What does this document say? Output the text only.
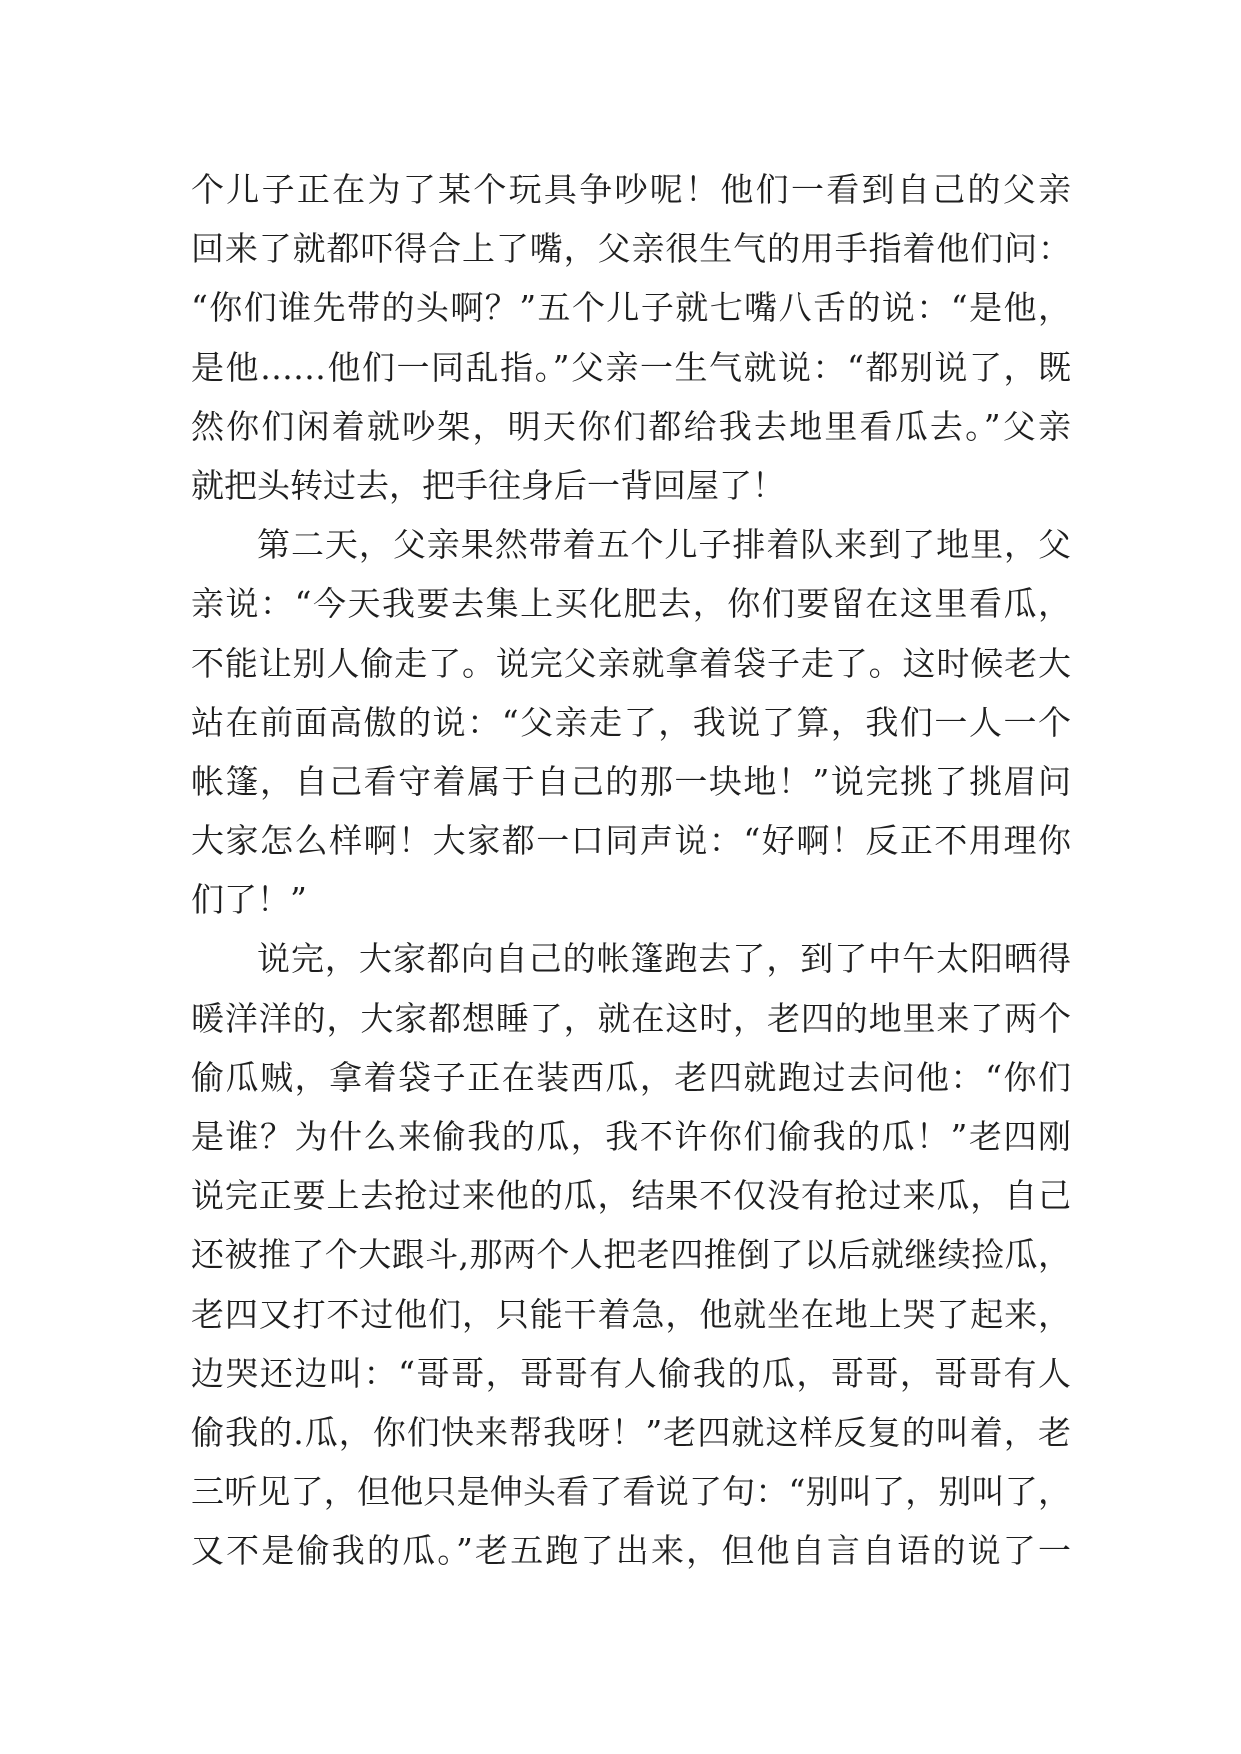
个儿子正在为了某个玩具争吵呢！他们一看到自己的父亲
回来了就都吓得合上了嘴，父亲很生气的用手指着他们问：
“你们谁先带的头啊？”五个儿子就七嘴八舌的说：“是他，
是他……他们一同乱指。”父亲一生气就说：“都别说了，既
然你们闲着就吵架，明天你们都给我去地里看瓜去。”父亲
就把头转过去，把手往身后一背回屋了！
第二天，父亲果然带着五个儿子排着队来到了地里，父
亲说：“今天我要去集上买化肥去，你们要留在这里看瓜，
不能让别人偷走了。说完父亲就拿着袋子走了。这时候老大
站在前面高傲的说：“父亲走了，我说了算，我们一人一个
帐篷，自己看守着属于自己的那一块地！”说完挑了挑眉问
大家怎么样啊！大家都一口同声说：“好啊！反正不用理你
们了！”
说完，大家都向自己的帐篷跑去了，到了中午太阳晒得
暖洋洋的，大家都想睡了，就在这时，老四的地里来了两个
偷瓜贼，拿着袋子正在装西瓜，老四就跑过去问他：“你们
是谁？为什么来偷我的瓜，我不许你们偷我的瓜！”老四刚
说完正要上去抢过来他的瓜，结果不仅没有抢过来瓜，自己
还被推了个大跟斗,那两个人把老四推倒了以后就继续捡瓜，
老四又打不过他们，只能干着急，他就坐在地上哭了起来，
边哭还边叫：“哥哥，哥哥有人偷我的瓜，哥哥，哥哥有人
偷我的.瓜，你们快来帮我呀！”老四就这样反复的叫着，老
三听见了，但他只是伸头看了看说了句：“别叫了，别叫了，
又不是偷我的瓜。”老五跑了出来，但他自言自语的说了一
